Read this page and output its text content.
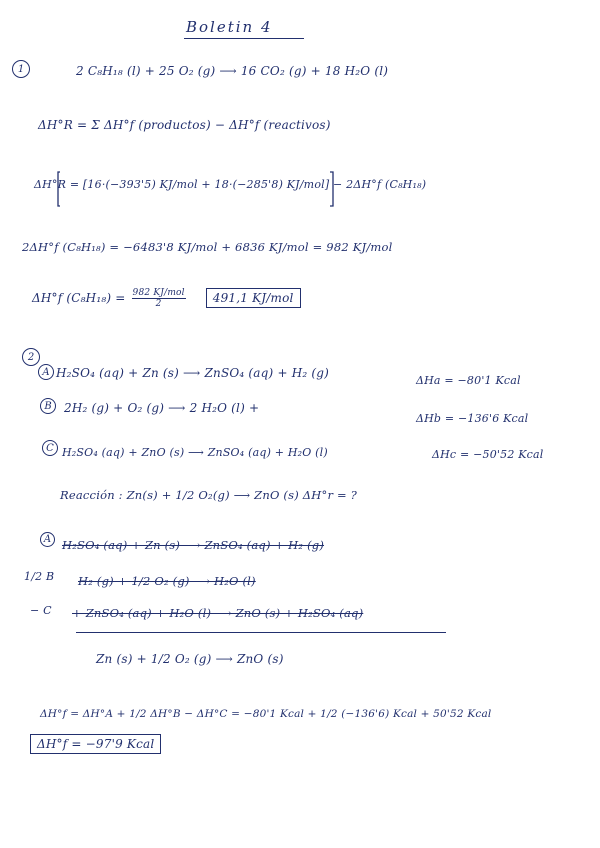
Boletin 4
1	2 C₈H₁₈ (l) + 25 O₂ (g) ⟶ 16 CO₂ (g) + 18 H₂O (l)
ΔH°R = Σ ΔH°f (productos) − ΔH°f (reactivos)
ΔH°R = [16·(−393'5) KJ/mol + 18·(−285'8) KJ/mol] − 2ΔH°f (C₈H₁₈)
2ΔH°f (C₈H₁₈) = −6483'8 KJ/mol + 6836 KJ/mol = 982 KJ/mol
ΔH°f $(C_8H_{18}) = \frac{\text{982 KJ/mol}}{2} 491,1$ KJ/mol
2
A H₂SO₄ (aq) + Zn (s) ⟶ ZnSO₄ (aq) + H₂ (g)
ΔHa = −80'1 Kcal
B	2H₂ (g) + O₂ (g) ⟶ 2 H₂O (l) +
ΔHb = −136'6 Kcal
C H₂SO₄ (aq) + ZnO (s) ⟶ ZnSO₄ (aq) + H₂O (l)	ΔHc = −50'52 Kcal
Reacción : Zn(s) + 1/2 O₂(g) ⟶ ZnO (s) ΔH°r = ?
A H₂SO₄ (aq) + Zn (s) ⟶ ZnSO₄ (aq) + H₂ (g)
1/2 B H₂ (g) + 1/2 O₂ (g) ⟶ H₂O (l)
− C + ZnSO₄ (aq) + H₂O (l) ⟶ ZnO (s) + H₂SO₄ (aq)
Zn (s) + 1/2 O₂ (g) ⟶ ZnO (s)
ΔH°f = ΔH°A + 1/2 ΔH°B − ΔH°C = −80'1 Kcal + 1/2 (−136'6) Kcal + 50'52 Kcal
ΔH°f = −97'9 Kcal
